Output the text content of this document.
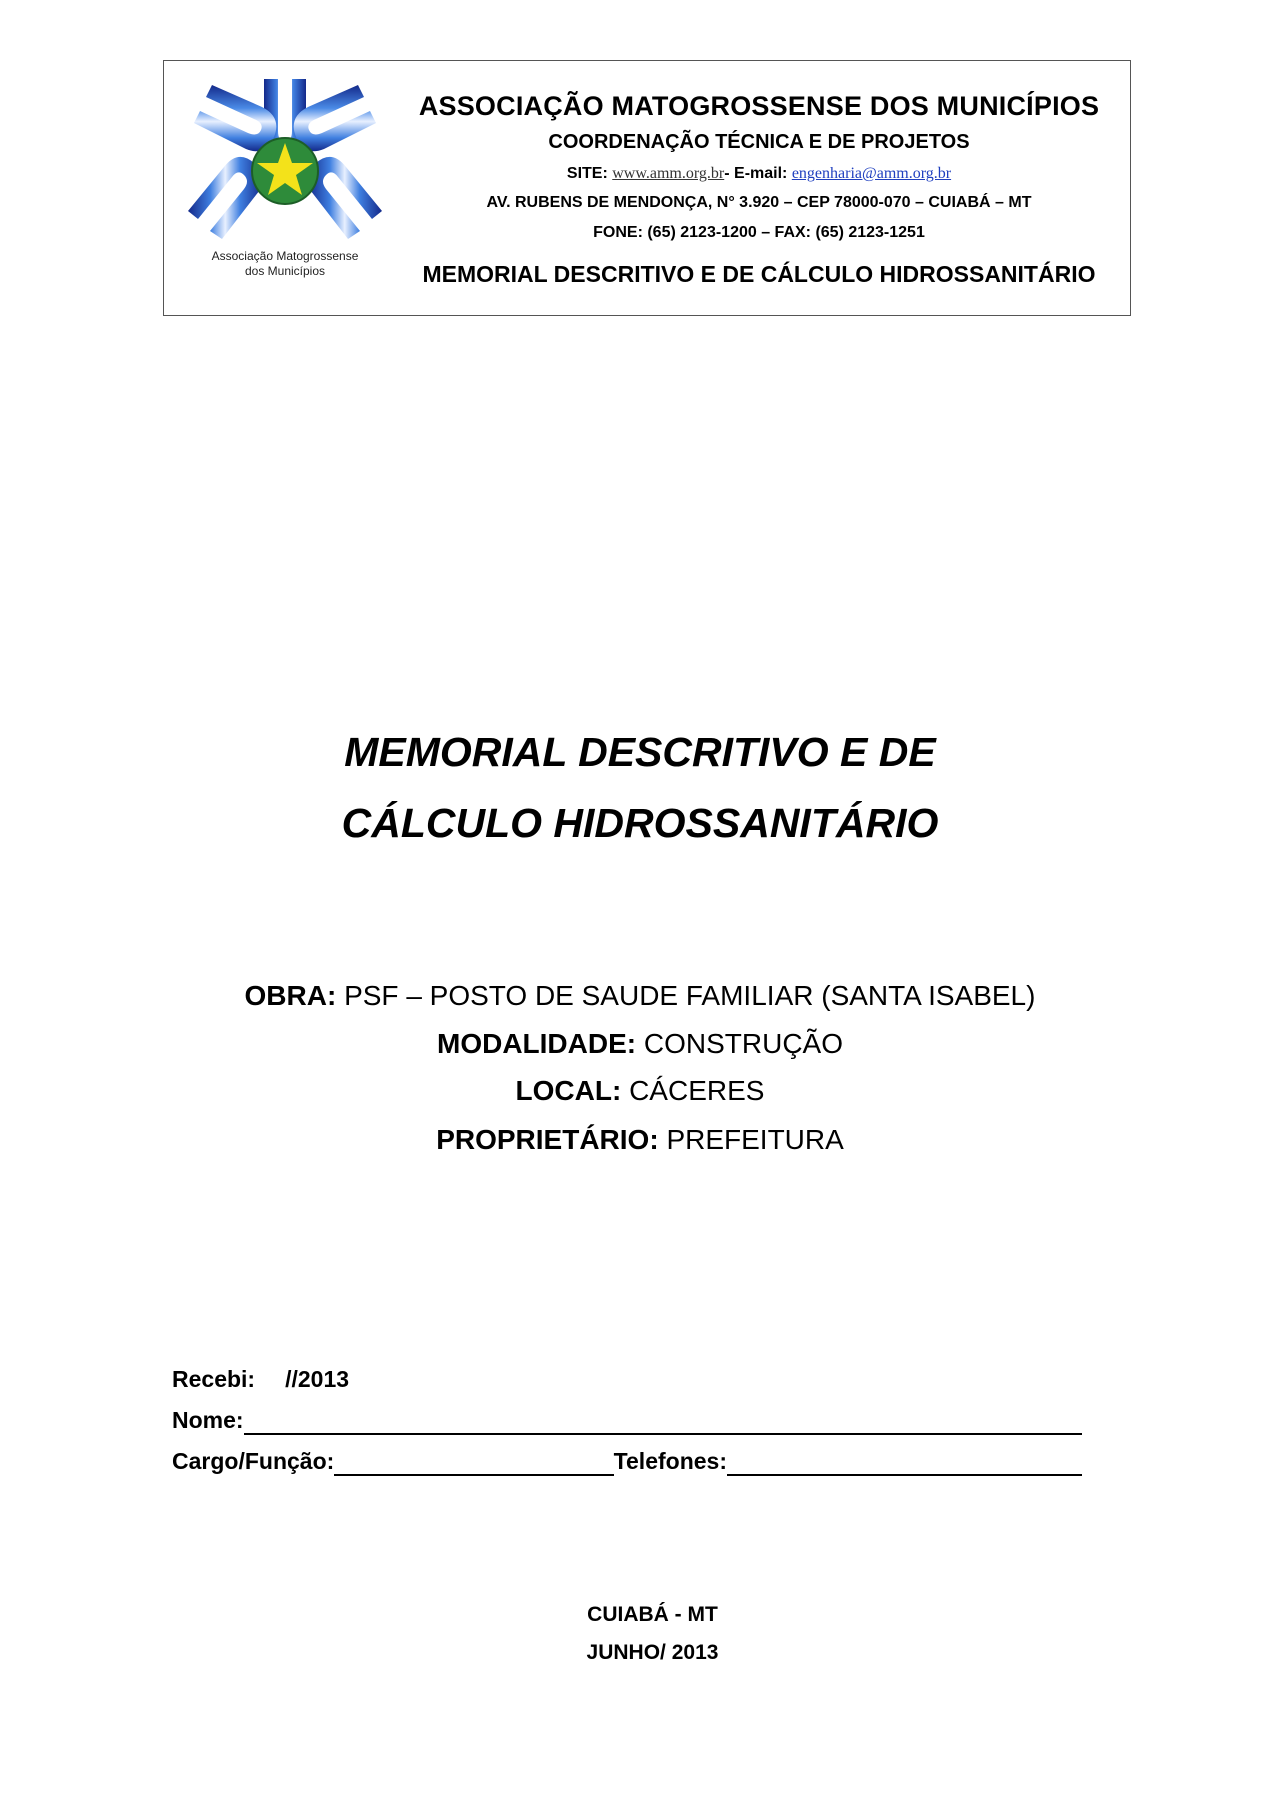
Associação Matogrossense
dos Municípios
ASSOCIAÇÃO MATOGROSSENSE DOS MUNICÍPIOS
COORDENAÇÃO TÉCNICA E DE PROJETOS
SITE: www.amm.org.br- E-mail: engenharia@amm.org.br
AV. RUBENS DE MENDONÇA, N° 3.920 – CEP 78000-070 – CUIABÁ – MT
FONE: (65) 2123-1200 – FAX: (65) 2123-1251
MEMORIAL DESCRITIVO E DE CÁLCULO HIDROSSANITÁRIO
MEMORIAL DESCRITIVO E DE
CÁLCULO HIDROSSANITÁRIO
OBRA: PSF – POSTO DE SAUDE FAMILIAR (SANTA ISABEL)
MODALIDADE: CONSTRUÇÃO
LOCAL: CÁCERES
PROPRIETÁRIO: PREFEITURA
Recebi: //2013
Nome:
Cargo/Função:	Telefones:
CUIABÁ - MT
JUNHO/ 2013
